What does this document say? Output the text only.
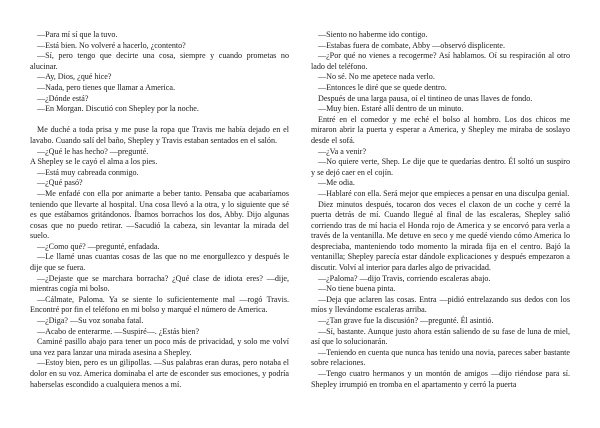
—Para mí sí que la tuvo.

—Está bien. No volveré a hacerlo, ¿contento?

—Sí, pero tengo que decirte una cosa, siempre y cuando prometas no alucinar.

—Ay, Dios, ¿qué hice?

—Nada, pero tienes que llamar a America.

—¿Dónde está?

—En Morgan. Discutió con Shepley por la noche.

Me duché a toda prisa y me puse la ropa que Travis me había dejado en el lavabo. Cuando salí del baño, Shepley y Travis estaban sentados en el salón.

—¿Qué le has hecho? —pregunté.

A Shepley se le cayó el alma a los pies.

—Está muy cabreada conmigo.

—¿Qué pasó?

—Me enfadé con ella por animarte a beber tanto. Pensaba que acabaríamos teniendo que llevarte al hospital. Una cosa llevó a la otra, y lo siguiente que sé es que estábamos gritándonos. Íbamos borrachos los dos, Abby. Dijo algunas cosas que no puedo retirar. —Sacudió la cabeza, sin levantar la mirada del suelo.

—¿Como qué? —pregunté, enfadada.

—Le llamé unas cuantas cosas de las que no me enorgullezco y después le dije que se fuera.

—¿Dejaste que se marchara borracha? ¿Qué clase de idiota eres? —dije, mientras cogía mi bolso.

—Cálmate, Paloma. Ya se siente lo suficientemente mal —rogó Travis. Encontré por fin el teléfono en mi bolso y marqué el número de America.

—¿Diga? —Su voz sonaba fatal.

—Acabo de enterarme. —Suspiré—. ¿Estás bien?

Caminé pasillo abajo para tener un poco más de privacidad, y solo me volví una vez para lanzar una mirada asesina a Shepley.

—Estoy bien, pero es un gilipollas. —Sus palabras eran duras, pero notaba el dolor en su voz. America dominaba el arte de esconder sus emociones, y podría haberselas escondido a cualquiera menos a mí.

—Siento no haberme ido contigo.

—Estabas fuera de combate, Abby —observó displicente.

—¿Por qué no vienes a recogerme? Así hablamos. Oí su respiración al otro lado del teléfono.

—No sé. No me apetece nada verlo.

—Entonces le diré que se quede dentro.

Después de una larga pausa, oí el tintineo de unas llaves de fondo.

—Muy bien. Estaré allí dentro de un minuto.

Entré en el comedor y me eché el bolso al hombro. Los dos chicos me miraron abrir la puerta y esperar a America, y Shepley me miraba de soslayo desde el sofá.

—¿Va a venir?

—No quiere verte, Shep. Le dije que te quedarías dentro. Él soltó un suspiro y se dejó caer en el cojín.

—Me odia.

—Hablaré con ella. Será mejor que empieces a pensar en una disculpa genial.

Diez minutos después, tocaron dos veces el claxon de un coche y cerré la puerta detrás de mí. Cuando llegué al final de las escaleras, Shepley salió corriendo tras de mí hacia el Honda rojo de America y se encorvó para verla a través de la ventanilla. Me detuve en seco y me quedé viendo cómo America lo despreciaba, manteniendo todo momento la mirada fija en el centro. Bajó la ventanilla; Shepley parecía estar dándole explicaciones y después empezaron a discutir. Volví al interior para darles algo de privacidad.

—¿Paloma? —dijo Travis, corriendo escaleras abajo.

—No tiene buena pinta.

—Deja que aclaren las cosas. Entra —pidió entrelazando sus dedos con los míos y llevándome escaleras arriba.

—¿Tan grave fue la discusión? —pregunté. Él asintió.

—Sí, bastante. Aunque justo ahora están saliendo de su fase de luna de miel, así que lo solucionarán.

—Teniendo en cuenta que nunca has tenido una novia, pareces saber bastante sobre relaciones.

—Tengo cuatro hermanos y un montón de amigos —dijo riéndose para sí. Shepley irrumpió en tromba en el apartamento y cerró la puerta
